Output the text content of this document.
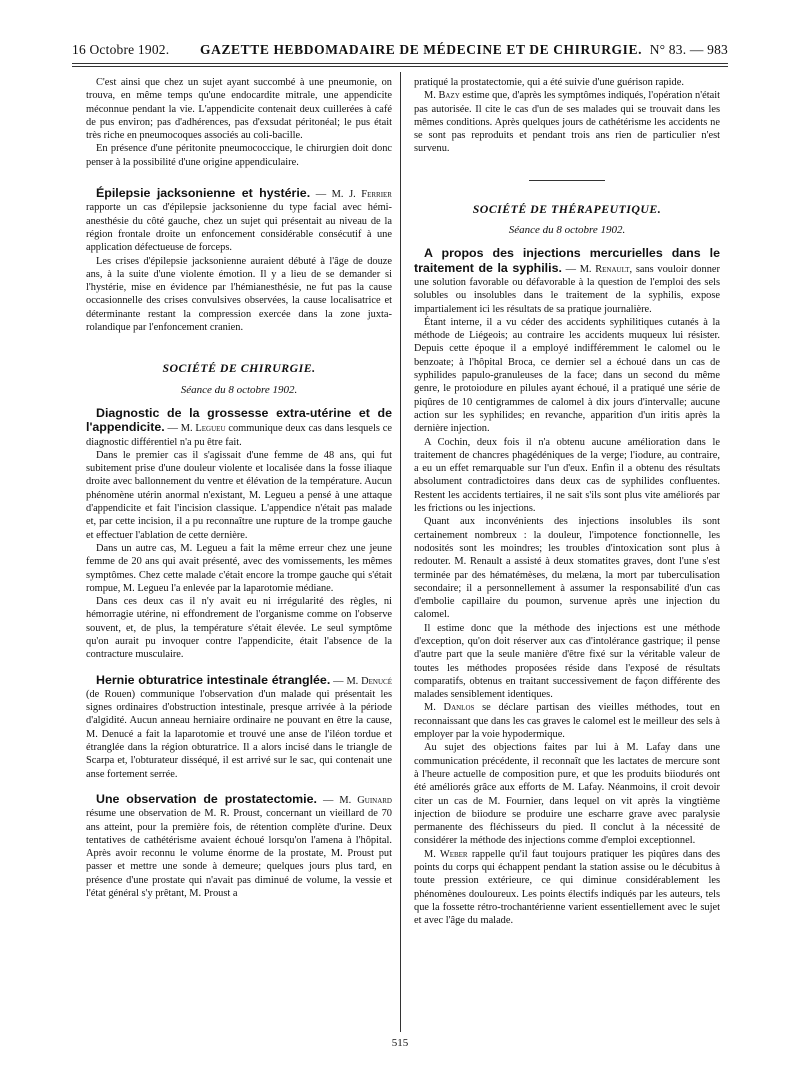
16 Octobre 1902. GAZETTE HEBDOMADAIRE DE MÉDECINE ET DE CHIRURGIE. N° 83. — 983

C'est ainsi que chez un sujet ayant succombé à une pneumonie, on trouva, en même temps qu'une endocardite mitrale, une appendicite méconnue pendant la vie. L'appendicite contenait deux cuillerées à café de pus environ; pas d'adhérences, pas d'exsudat péritonéal; le pus était très riche en pneumocoques associés au coli-bacille.

En présence d'une péritonite pneumococcique, le chirurgien doit donc penser à la possibilité d'une origine appendiculaire.

Épilepsie jacksonienne et hystérie. — M. J. Ferrier rapporte un cas d'épilepsie jacksonienne du type facial avec hémi-anesthésie du côté gauche, chez un sujet qui présentait au niveau de la région frontale droite un enfoncement considérable consécutif à une application défectueuse de forceps.

Les crises d'épilepsie jacksonienne auraient débuté à l'âge de douze ans, à la suite d'une violente émotion. Il y a lieu de se demander si l'hystérie, mise en évidence par l'hémianesthésie, ne fut pas la cause occasionnelle des crises convulsives observées, la cause localisatrice et déterminante restant la compression exercée dans la zone juxta-rolandique par l'enfoncement cranien.

SOCIÉTÉ DE CHIRURGIE.
Séance du 8 octobre 1902.

Diagnostic de la grossesse extra-utérine et de l'appendicite. — M. Legueu communique deux cas dans lesquels ce diagnostic différentiel n'a pu être fait.

Dans le premier cas il s'agissait d'une femme de 48 ans, qui fut subitement prise d'une douleur violente et localisée dans la fosse iliaque droite avec ballonnement du ventre et élévation de la température. Aucun phénomène utérin anormal n'existant, M. Legueu a pensé à une attaque d'appendicite et fait l'incision classique. L'appendice n'était pas malade et, par cette incision, il a pu reconnaître une rupture de la trompe gauche et effectuer l'ablation de cette dernière.

Dans un autre cas, M. Legueu a fait la même erreur chez une jeune femme de 20 ans qui avait présenté, avec des vomissements, les mêmes symptômes. Chez cette malade c'était encore la trompe gauche qui s'était rompue, M. Legueu l'a enlevée par la laparotomie médiane.

Dans ces deux cas il n'y avait eu ni irrégularité des règles, ni hémorragie utérine, ni effondrement de l'organisme comme on l'observe souvent, et, de plus, la température s'était élevée. Le seul symptôme qu'on aurait pu invoquer contre l'appendicite, était l'absence de la contracture musculaire.

Hernie obturatrice intestinale étranglée. — M. Denucé (de Rouen) communique l'observation d'un malade qui présentait les signes ordinaires d'obstruction intestinale, presque arrivée à la période d'algidité. Aucun anneau herniaire ordinaire ne pouvant en être la cause, M. Denucé a fait la laparotomie et trouvé une anse de l'iléon tordue et étranglée dans la région obturatrice. Il a alors incisé dans le triangle de Scarpa et, l'obturateur disséqué, il est arrivé sur le sac, qui contenait une anse fortement serrée.

Une observation de prostatectomie. — M. Guinard résume une observation de M. R. Proust, concernant un vieillard de 70 ans atteint, pour la première fois, de rétention complète d'urine. Deux tentatives de cathétérisme avaient échoué lorsqu'on l'amena à l'hôpital. Après avoir reconnu le volume énorme de la prostate, M. Proust put passer et mettre une sonde à demeure; quelques jours plus tard, en présence d'une prostate qui n'avait pas diminué de volume, la vessie et l'état général s'y prêtant, M. Proust a

pratiqué la prostatectomie, qui a été suivie d'une guérison rapide.

M. Bazy estime que, d'après les symptômes indiqués, l'opération n'était pas autorisée. Il cite le cas d'un de ses malades qui se trouvait dans les mêmes conditions. Après quelques jours de cathétérisme les accidents ne se sont pas reproduits et pendant trois ans rien de particulier n'est survenu.

SOCIÉTÉ DE THÉRAPEUTIQUE.
Séance du 8 octobre 1902.

A propos des injections mercurielles dans le traitement de la syphilis. — M. Renault, sans vouloir donner une solution favorable ou défavorable à la question de l'emploi des sels solubles ou insolubles dans le traitement de la syphilis, expose impartialement ici les résultats de sa pratique journalière.

Étant interne, il a vu céder des accidents syphilitiques cutanés à la méthode de Liégeois; au contraire les accidents muqueux lui résister. Depuis cette époque il a employé indifféremment le calomel ou le benzoate; à l'hôpital Broca, ce dernier sel a échoué dans un cas de syphilides papulo-granuleuses de la face; dans un second du même genre, le protoiodure en pilules ayant échoué, il a pratiqué une série de piqûres de 10 centigrammes de calomel à dix jours d'intervalle; aucune action sur les syphilides; en revanche, apparition d'un iritis après la dernière injection.

A Cochin, deux fois il n'a obtenu aucune amélioration dans le traitement de chancres phagédéniques de la verge; l'iodure, au contraire, a eu un effet remarquable sur l'un d'eux. Enfin il a obtenu des résultats absolument contradictoires dans deux cas de syphilides confluentes. Restent les accidents tertiaires, il ne sait s'ils sont plus vite améliorés par les frictions ou les injections.

Quant aux inconvénients des injections insolubles ils sont certainement nombreux : la douleur, l'impotence fonctionnelle, les nodosités sont les moindres; les troubles d'intoxication sont plus à redouter. M. Renault a assisté à deux stomatites graves, dont l'une s'est terminée par des hématémèses, du melæna, la mort par tuberculisation secondaire; il a personnellement à assumer la responsabilité d'un cas d'embolie capillaire du poumon, survenue après une injection du calomel.

Il estime donc que la méthode des injections est une méthode d'exception, qu'on doit réserver aux cas d'intolérance gastrique; il pense d'autre part que la seule manière d'être fixé sur la véritable valeur de toutes les méthodes proposées réside dans l'exposé de résultats comparatifs, obtenus en traitant successivement de façon différente des malades sensiblement identiques.

M. Danlos se déclare partisan des vieilles méthodes, tout en reconnaissant que dans les cas graves le calomel est le meilleur des sels à employer par la voie hypodermique.

Au sujet des objections faites par lui à M. Lafay dans une communication précédente, il reconnaît que les lactates de mercure sont à l'heure actuelle de composition pure, et que les produits biiodurés ont été améliorés grâce aux efforts de M. Lafay. Néanmoins, il croit devoir citer un cas de M. Fournier, dans lequel on vit après la vingtième injection de biiodure se produire une escharre grave avec paralysie permanente des fléchisseurs du pied. Il conclut à la nécessité de considérer la méthode des injections comme d'emploi exceptionnel.

M. Weber rappelle qu'il faut toujours pratiquer les piqûres dans des points du corps qui échappent pendant la station assise ou le décubitus à toute pression extérieure, ce qui diminue considérablement les phénomènes douloureux. Les points électifs indiqués par les auteurs, tels que la fossette rétro-trochantérienne varient essentiellement avec le sujet et avec l'âge du malade.

515
